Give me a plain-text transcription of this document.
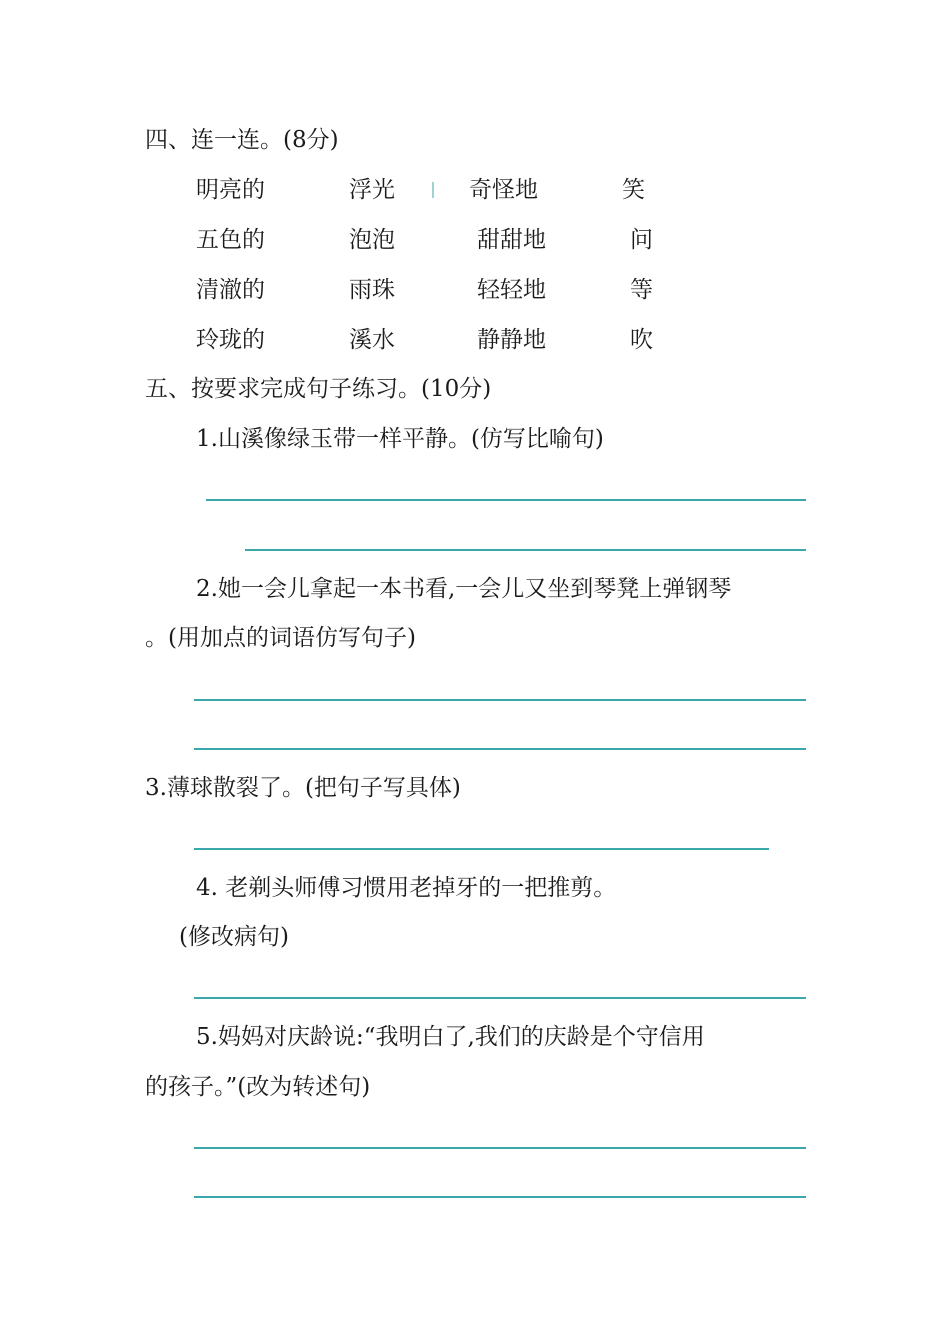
四、连一连。(8分)
明亮的
五色的
清澈的
玲珑的
浮光
泡泡
雨珠
溪水
奇怪地
甜甜地
轻轻地
静静地
笑
问
等
吹
五、按要求完成句子练习。(10分)
1.山溪像绿玉带一样平静。(仿写比喻句)
2.她一会儿拿起一本书看,一会儿又坐到琴凳上弹钢琴
。(用加点的词语仿写句子)
3.薄球散裂了。(把句子写具体)
4. 老剃头师傅习惯用老掉牙的一把推剪。
(修改病句)
5.妈妈对庆龄说:“我明白了,我们的庆龄是个守信用
的孩子。”(改为转述句)
